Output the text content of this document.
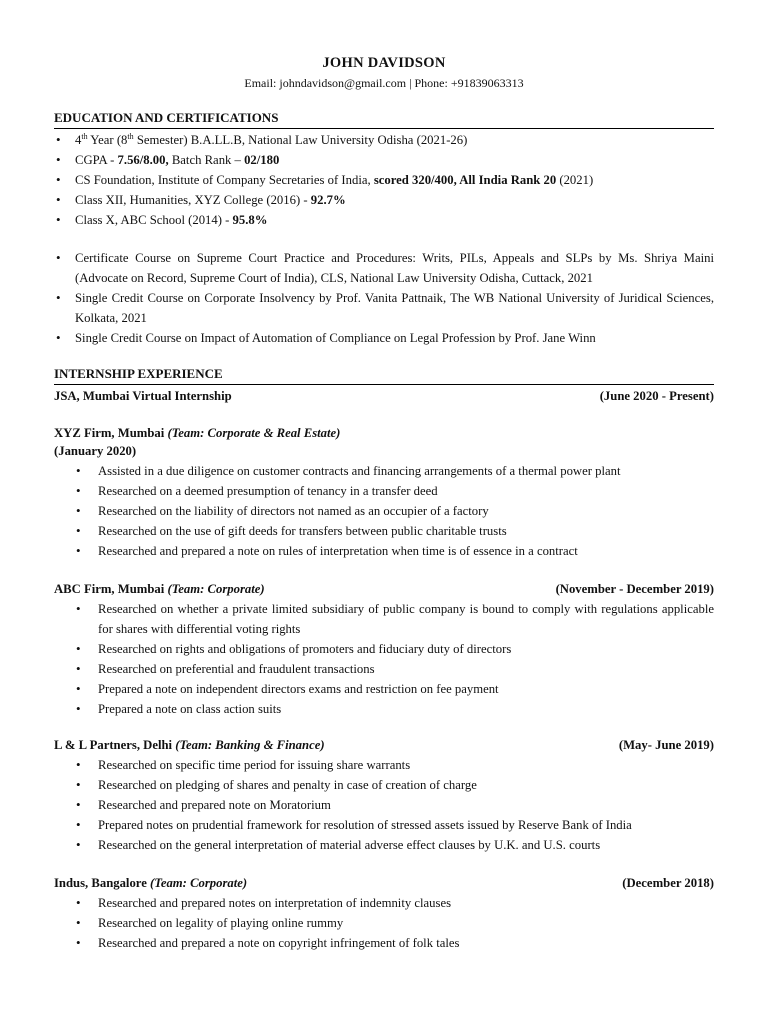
JOHN DAVIDSON
Email: johndavidson@gmail.com | Phone: +91839063313
EDUCATION AND CERTIFICATIONS
• 4th Year (8th Semester) B.A.LL.B, National Law University Odisha (2021-26)
• CGPA - 7.56/8.00, Batch Rank – 02/180
• CS Foundation, Institute of Company Secretaries of India, scored 320/400, All India Rank 20 (2021)
• Class XII, Humanities, XYZ College (2016) - 92.7%
• Class X, ABC School (2014) - 95.8%
• Certificate Course on Supreme Court Practice and Procedures: Writs, PILs, Appeals and SLPs by Ms. Shriya Maini (Advocate on Record, Supreme Court of India), CLS, National Law University Odisha, Cuttack, 2021
• Single Credit Course on Corporate Insolvency by Prof. Vanita Pattnaik, The WB National University of Juridical Sciences, Kolkata, 2021
• Single Credit Course on Impact of Automation of Compliance on Legal Profession by Prof. Jane Winn
INTERNSHIP EXPERIENCE
JSA, Mumbai Virtual Internship	(June 2020 - Present)
XYZ Firm, Mumbai (Team: Corporate & Real Estate)
(January 2020)
• Assisted in a due diligence on customer contracts and financing arrangements of a thermal power plant
• Researched on a deemed presumption of tenancy in a transfer deed
• Researched on the liability of directors not named as an occupier of a factory
• Researched on the use of gift deeds for transfers between public charitable trusts
• Researched and prepared a note on rules of interpretation when time is of essence in a contract
ABC Firm, Mumbai (Team: Corporate)	(November - December 2019)
• Researched on whether a private limited subsidiary of public company is bound to comply with regulations applicable for shares with differential voting rights
• Researched on rights and obligations of promoters and fiduciary duty of directors
• Researched on preferential and fraudulent transactions
• Prepared a note on independent directors exams and restriction on fee payment
• Prepared a note on class action suits
L & L Partners, Delhi (Team: Banking & Finance)	(May- June 2019)
• Researched on specific time period for issuing share warrants
• Researched on pledging of shares and penalty in case of creation of charge
• Researched and prepared note on Moratorium
• Prepared notes on prudential framework for resolution of stressed assets issued by Reserve Bank of India
• Researched on the general interpretation of material adverse effect clauses by U.K. and U.S. courts
Indus, Bangalore (Team: Corporate)	(December 2018)
• Researched and prepared notes on interpretation of indemnity clauses
• Researched on legality of playing online rummy
• Researched and prepared a note on copyright infringement of folk tales
